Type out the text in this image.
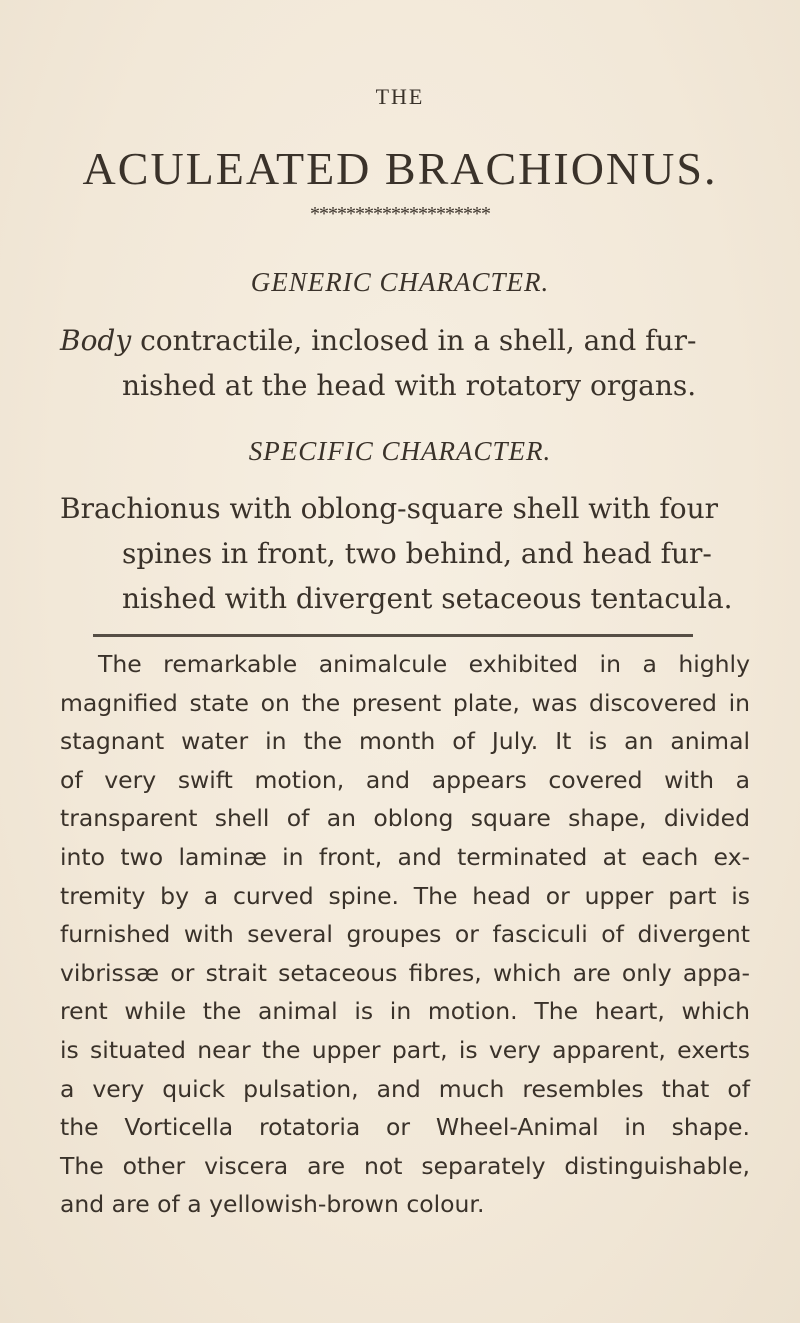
THE
ACULEATED BRACHIONUS.
********************
GENERIC CHARACTER.
Body contractile, inclosed in a shell, and fur-
nished at the head with rotatory organs.
SPECIFIC CHARACTER.
Brachionus with oblong-square shell with four
spines in front, two behind, and head fur-
nished with divergent setaceous tentacula.
The remarkable animalcule exhibited in a highly
magnified state on the present plate, was discovered in
stagnant water in the month of July. It is an animal
of very swift motion, and appears covered with a
transparent shell of an oblong square shape, divided
into two laminæ in front, and terminated at each ex-
tremity by a curved spine. The head or upper part is
furnished with several groupes or fasciculi of divergent
vibrissæ or strait setaceous fibres, which are only appa-
rent while the animal is in motion. The heart, which
is situated near the upper part, is very apparent, exerts
a very quick pulsation, and much resembles that of
the Vorticella rotatoria or Wheel-Animal in shape.
The other viscera are not separately distinguishable,
and are of a yellowish-brown colour.
